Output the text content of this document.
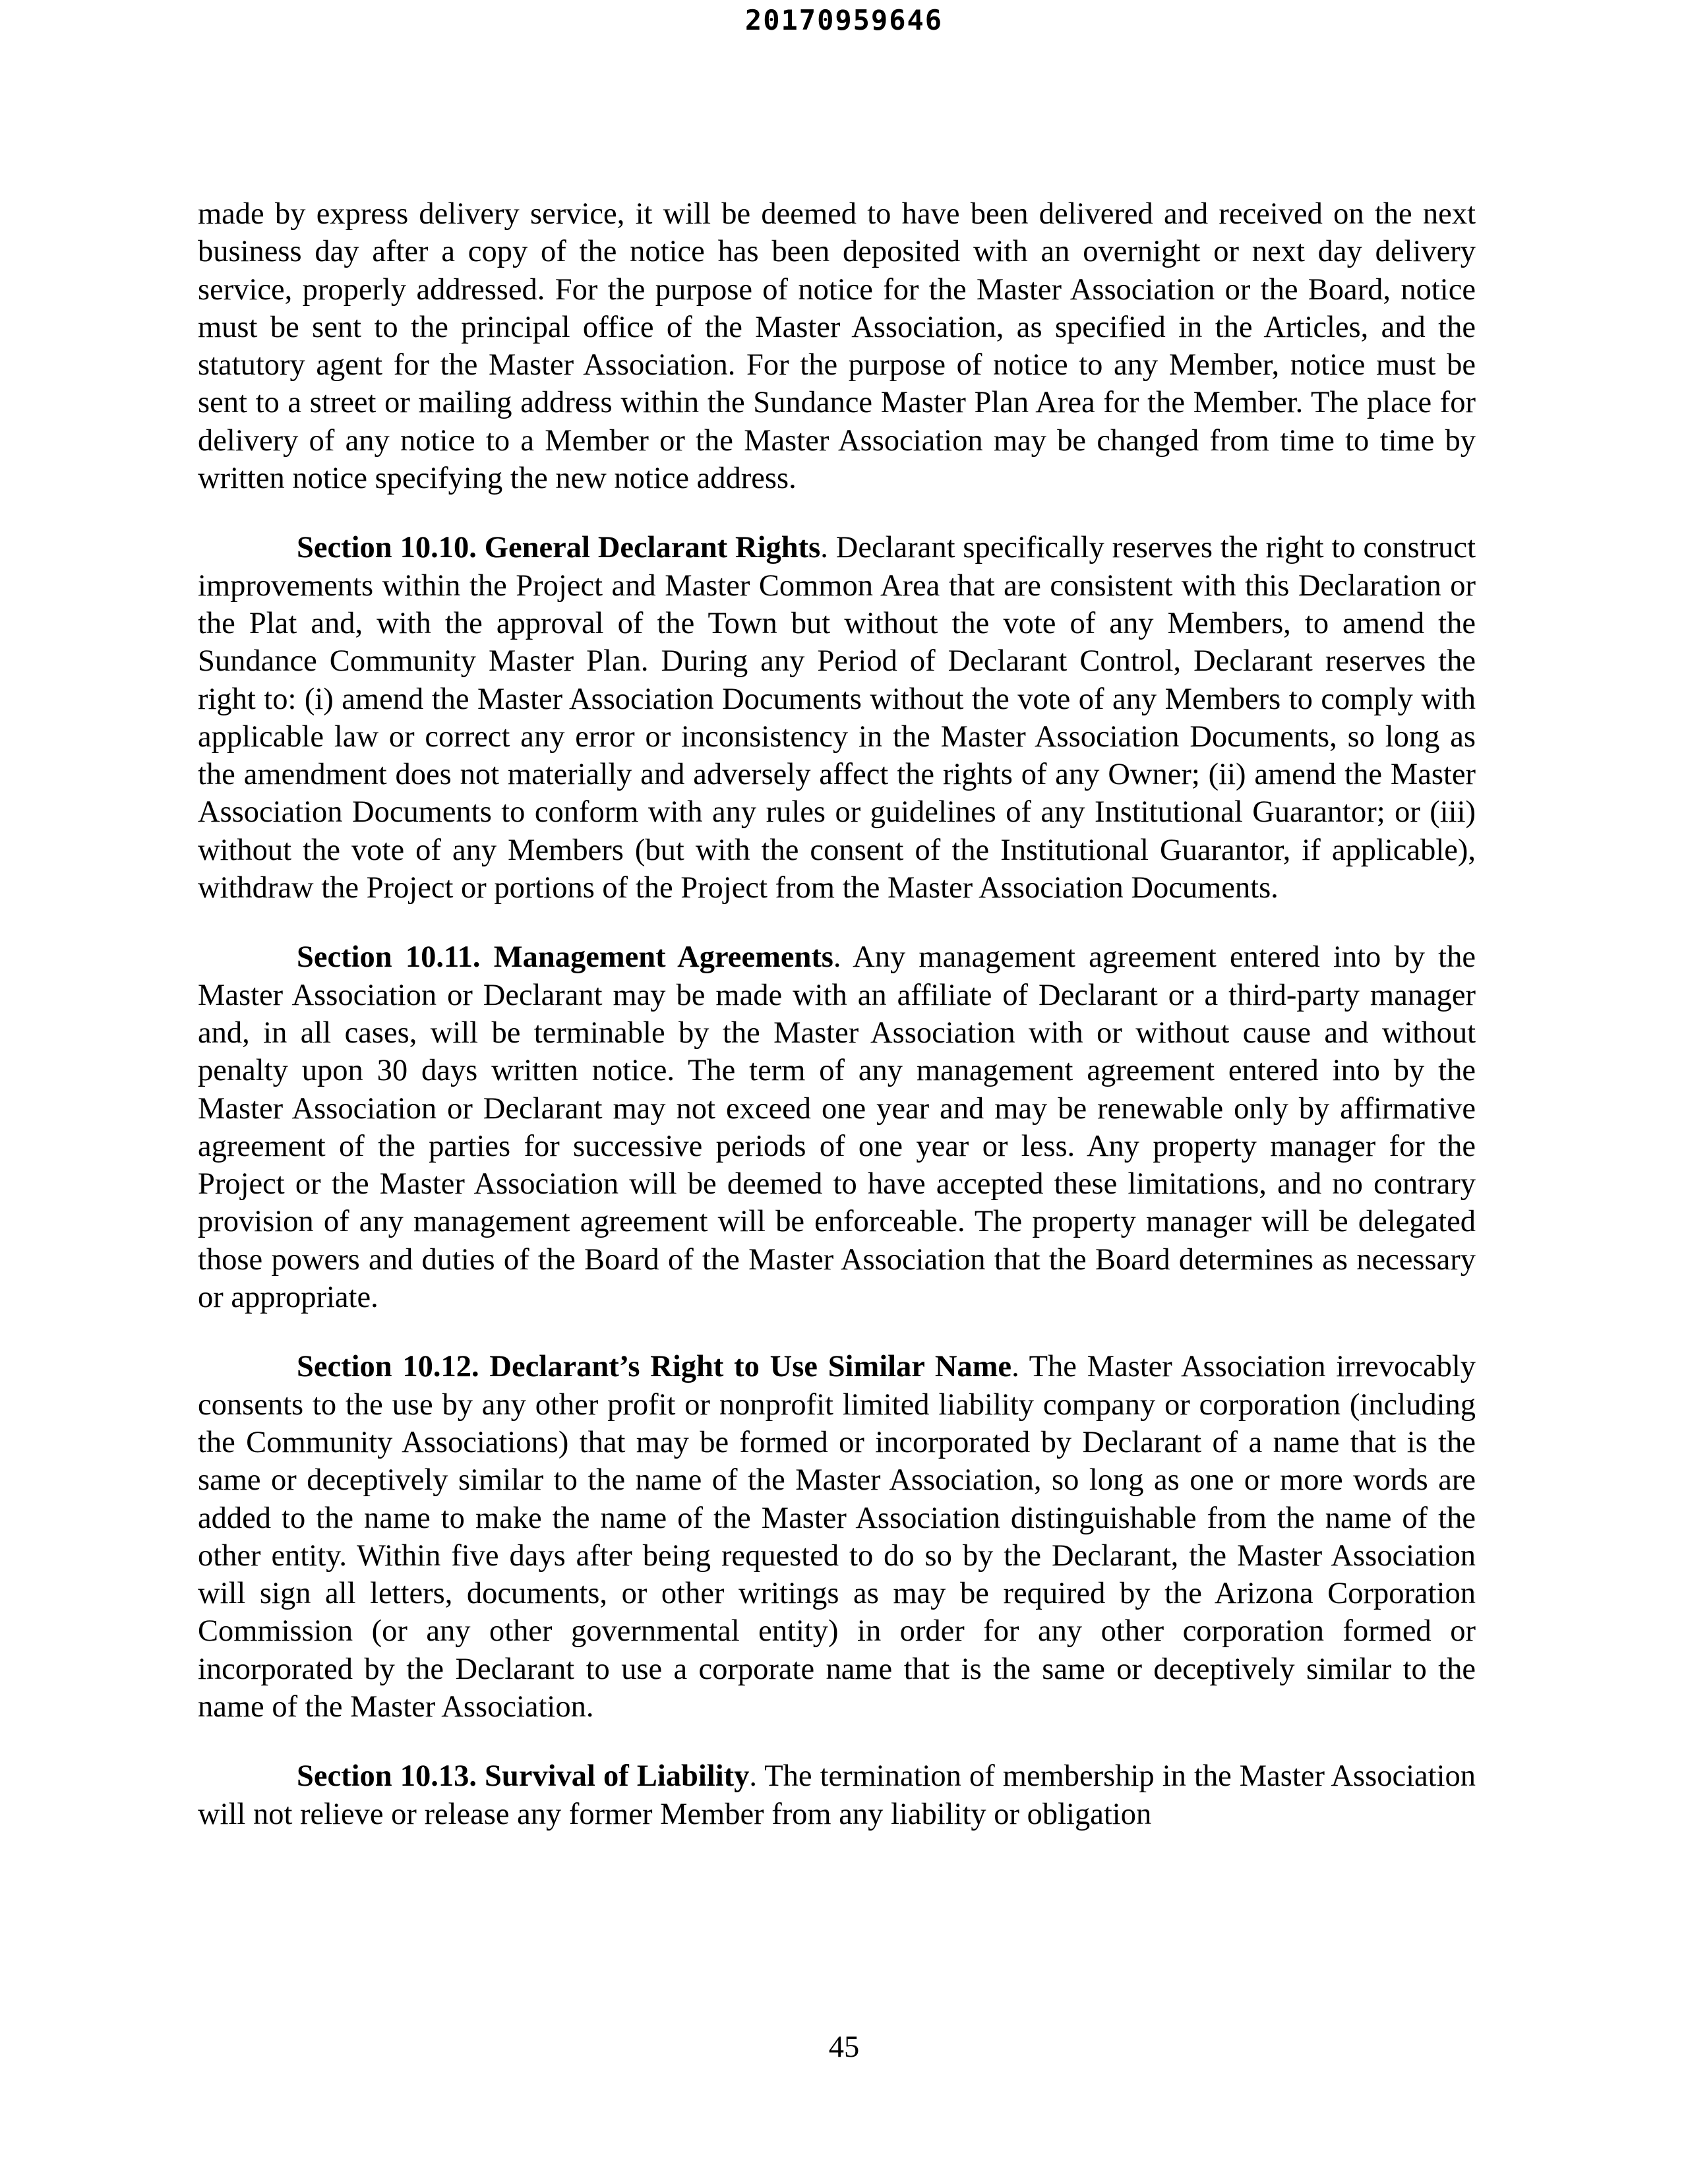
20170959646

made by express delivery service, it will be deemed to have been delivered and received on the next business day after a copy of the notice has been deposited with an overnight or next day delivery service, properly addressed. For the purpose of notice for the Master Association or the Board, notice must be sent to the principal office of the Master Association, as specified in the Articles, and the statutory agent for the Master Association. For the purpose of notice to any Member, notice must be sent to a street or mailing address within the Sundance Master Plan Area for the Member. The place for delivery of any notice to a Member or the Master Association may be changed from time to time by written notice specifying the new notice address.

Section 10.10. General Declarant Rights. Declarant specifically reserves the right to construct improvements within the Project and Master Common Area that are consistent with this Declaration or the Plat and, with the approval of the Town but without the vote of any Members, to amend the Sundance Community Master Plan. During any Period of Declarant Control, Declarant reserves the right to: (i) amend the Master Association Documents without the vote of any Members to comply with applicable law or correct any error or inconsistency in the Master Association Documents, so long as the amendment does not materially and adversely affect the rights of any Owner; (ii) amend the Master Association Documents to conform with any rules or guidelines of any Institutional Guarantor; or (iii) without the vote of any Members (but with the consent of the Institutional Guarantor, if applicable), withdraw the Project or portions of the Project from the Master Association Documents.

Section 10.11. Management Agreements. Any management agreement entered into by the Master Association or Declarant may be made with an affiliate of Declarant or a third-party manager and, in all cases, will be terminable by the Master Association with or without cause and without penalty upon 30 days written notice. The term of any management agreement entered into by the Master Association or Declarant may not exceed one year and may be renewable only by affirmative agreement of the parties for successive periods of one year or less. Any property manager for the Project or the Master Association will be deemed to have accepted these limitations, and no contrary provision of any management agreement will be enforceable. The property manager will be delegated those powers and duties of the Board of the Master Association that the Board determines as necessary or appropriate.

Section 10.12. Declarant’s Right to Use Similar Name. The Master Association irrevocably consents to the use by any other profit or nonprofit limited liability company or corporation (including the Community Associations) that may be formed or incorporated by Declarant of a name that is the same or deceptively similar to the name of the Master Association, so long as one or more words are added to the name to make the name of the Master Association distinguishable from the name of the other entity. Within five days after being requested to do so by the Declarant, the Master Association will sign all letters, documents, or other writings as may be required by the Arizona Corporation Commission (or any other governmental entity) in order for any other corporation formed or incorporated by the Declarant to use a corporate name that is the same or deceptively similar to the name of the Master Association.

Section 10.13. Survival of Liability. The termination of membership in the Master Association will not relieve or release any former Member from any liability or obligation

45
